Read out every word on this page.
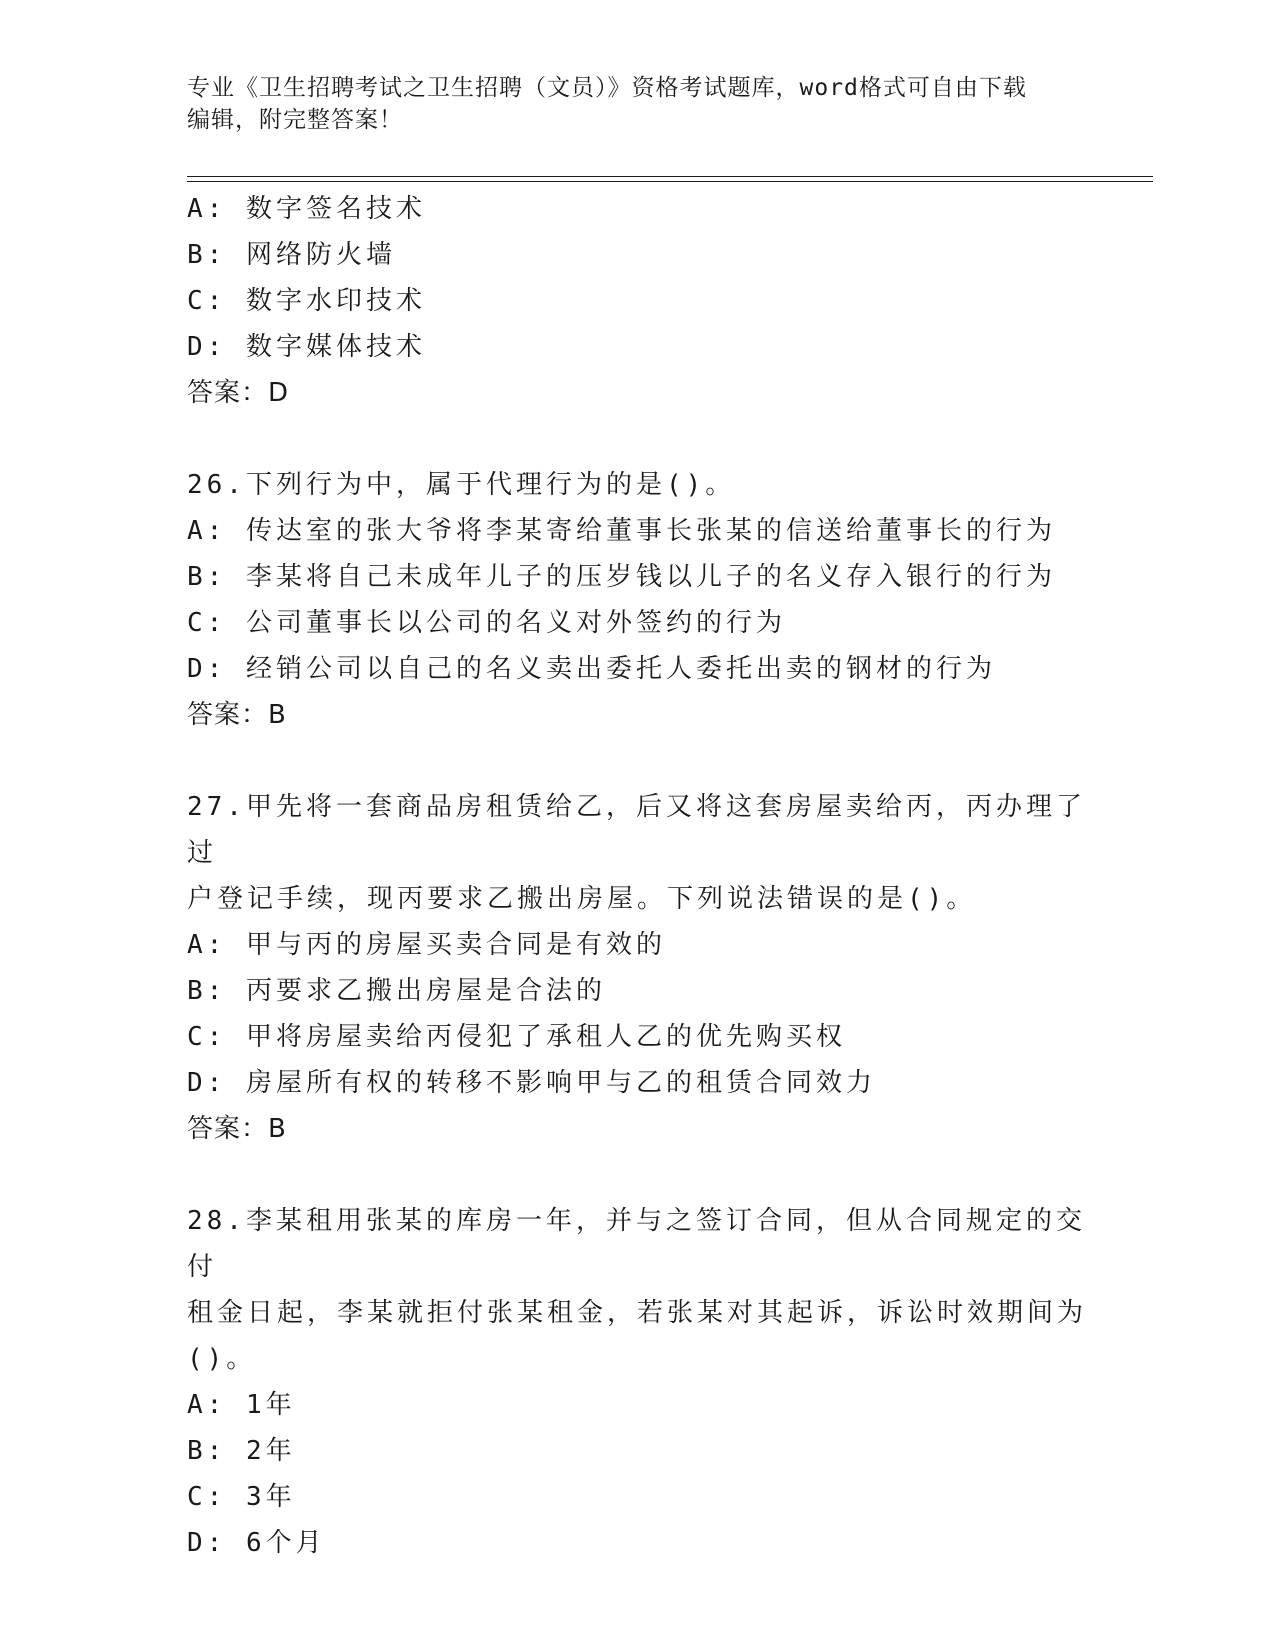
专业《卫生招聘考试之卫生招聘（文员）》资格考试题库，word格式可自由下载
编辑，附完整答案！
A: 数字签名技术
B: 网络防火墙
C: 数字水印技术
D: 数字媒体技术
答案：D
26.下列行为中，属于代理行为的是()。
A: 传达室的张大爷将李某寄给董事长张某的信送给董事长的行为
B: 李某将自己未成年儿子的压岁钱以儿子的名义存入银行的行为
C: 公司董事长以公司的名义对外签约的行为
D: 经销公司以自己的名义卖出委托人委托出卖的钢材的行为
答案：B
27.甲先将一套商品房租赁给乙，后又将这套房屋卖给丙，丙办理了过
户登记手续，现丙要求乙搬出房屋。下列说法错误的是()。
A: 甲与丙的房屋买卖合同是有效的
B: 丙要求乙搬出房屋是合法的
C: 甲将房屋卖给丙侵犯了承租人乙的优先购买权
D: 房屋所有权的转移不影响甲与乙的租赁合同效力
答案：B
28.李某租用张某的库房一年，并与之签订合同，但从合同规定的交付
租金日起，李某就拒付张某租金，若张某对其起诉，诉讼时效期间为
()。
A: 1年
B: 2年
C: 3年
D: 6个月
